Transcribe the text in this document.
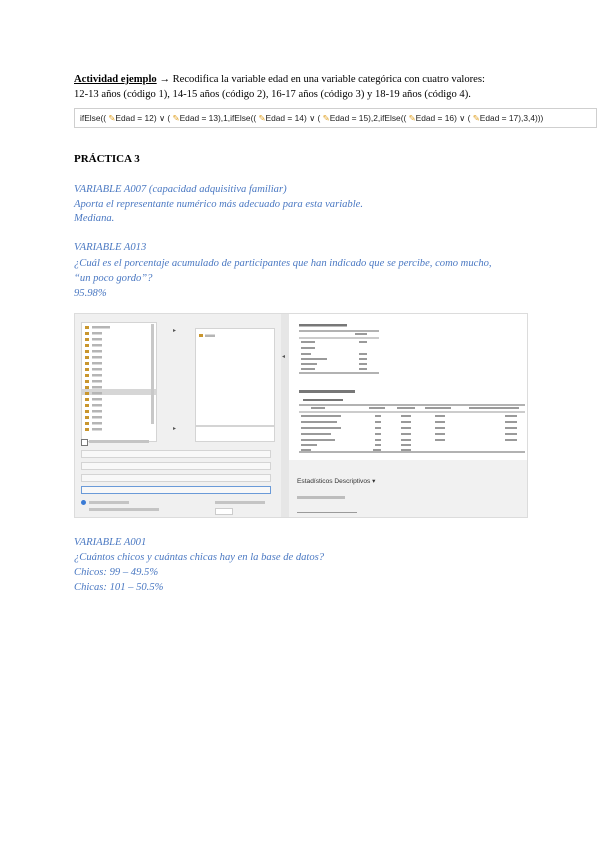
Actividad ejemplo → Recodifica la variable edad en una variable categórica con cuatro valores:
12-13 años (código 1), 14-15 años (código 2), 16-17 años (código 3) y 18-19 años (código 4).
ifElse(( ✎Edad = 12) ∨ ( ✎Edad = 13),1,ifElse(( ✎Edad = 14) ∨ ( ✎Edad = 15),2,ifElse(( ✎Edad = 16) ∨ ( ✎Edad = 17),3,4)))
PRÁCTICA 3
VARIABLE A007 (capacidad adquisitiva familiar)
Aporta el representante numérico más adecuado para esta variable.
Mediana.
VARIABLE A013
¿Cuál es el porcentaje acumulado de participantes que han indicado que se percibe, como mucho,
“un poco gordo”?
95.98%
▸
▸
◂
Estadísticos Descriptivos ▾
VARIABLE A001
¿Cuántos chicos y cuántas chicas hay en la base de datos?
Chicos: 99 – 49.5%
Chicas: 101 – 50.5%
